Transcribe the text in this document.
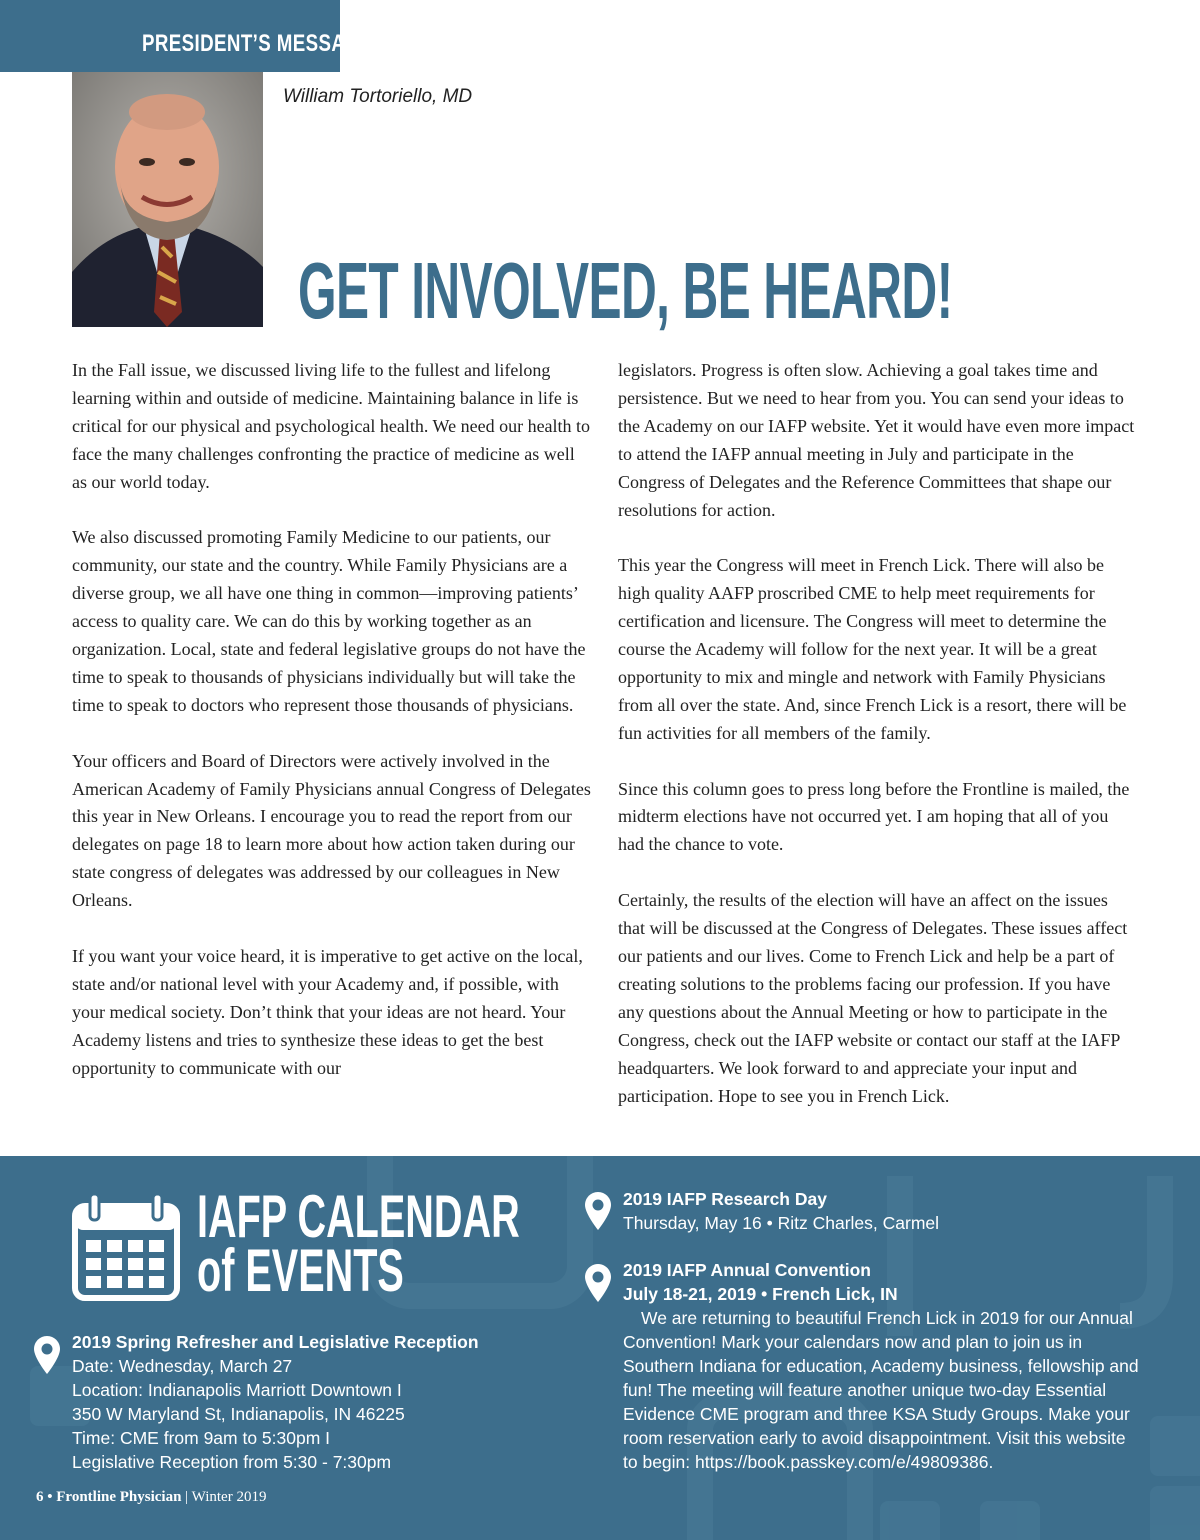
PRESIDENT’S MESSAGE
William Tortoriello, MD
GET INVOLVED, BE HEARD!

In the Fall issue, we discussed living life to the fullest and lifelong learning within and outside of medicine. Maintaining balance in life is critical for our physical and psychological health. We need our health to face the many challenges confronting the practice of medicine as well as our world today.

We also discussed promoting Family Medicine to our patients, our community, our state and the country. While Family Physicians are a diverse group, we all have one thing in common—improving patients’ access to quality care. We can do this by working together as an organization. Local, state and federal legislative groups do not have the time to speak to thousands of physicians individually but will take the time to speak to doctors who represent those thousands of physicians.

Your officers and Board of Directors were actively involved in the American Academy of Family Physicians annual Congress of Delegates this year in New Orleans. I encourage you to read the report from our delegates on page 18 to learn more about how action taken during our state congress of delegates was addressed by our colleagues in New Orleans.

If you want your voice heard, it is imperative to get active on the local, state and/or national level with your Academy and, if possible, with your medical society. Don’t think that your ideas are not heard. Your Academy listens and tries to synthesize these ideas to get the best opportunity to communicate with our

legislators. Progress is often slow. Achieving a goal takes time and persistence. But we need to hear from you. You can send your ideas to the Academy on our IAFP website. Yet it would have even more impact to attend the IAFP annual meeting in July and participate in the Congress of Delegates and the Reference Committees that shape our resolutions for action.

This year the Congress will meet in French Lick. There will also be high quality AAFP proscribed CME to help meet requirements for certification and licensure. The Congress will meet to determine the course the Academy will follow for the next year. It will be a great opportunity to mix and mingle and network with Family Physicians from all over the state. And, since French Lick is a resort, there will be fun activities for all members of the family.

Since this column goes to press long before the Frontline is mailed, the midterm elections have not occurred yet. I am hoping that all of you had the chance to vote.

Certainly, the results of the election will have an affect on the issues that will be discussed at the Congress of Delegates. These issues affect our patients and our lives. Come to French Lick and help be a part of creating solutions to the problems facing our profession. If you have any questions about the Annual Meeting or how to participate in the Congress, check out the IAFP website or contact our staff at the IAFP headquarters. We look forward to and appreciate your input and participation. Hope to see you in French Lick.

IAFP CALENDAR
of EVENTS
2019 Spring Refresher and Legislative Reception
Date: Wednesday, March 27
Location: Indianapolis Marriott Downtown I
350 W Maryland St, Indianapolis, IN 46225
Time: CME from 9am to 5:30pm I
Legislative Reception from 5:30 - 7:30pm
2019 IAFP Research Day
Thursday, May 16 • Ritz Charles, Carmel
2019 IAFP Annual Convention
July 18-21, 2019 • French Lick, IN
We are returning to beautiful French Lick in 2019 for our Annual Convention! Mark your calendars now and plan to join us in Southern Indiana for education, Academy business, fellowship and fun! The meeting will feature another unique two-day Essential Evidence CME program and three KSA Study Groups. Make your room reservation early to avoid disappointment. Visit this website to begin: https://book.passkey.com/e/49809386.
6 • Frontline Physician | Winter 2019
